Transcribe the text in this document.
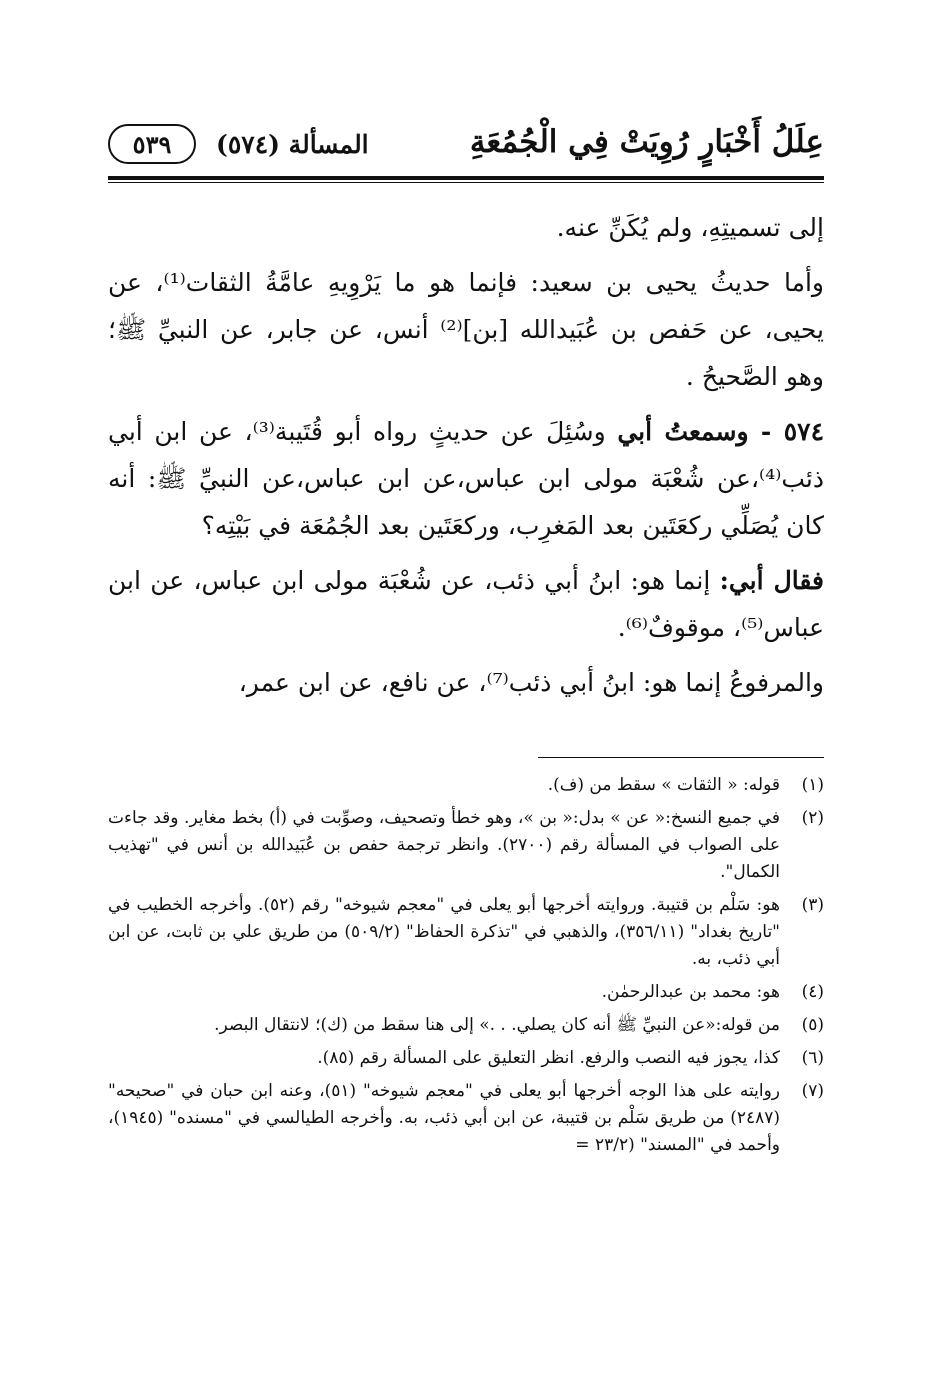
عِلَلُ أَخْبَارٍ رُوِيَتْ فِي الْجُمُعَةِ
المسألة (٥٧٤)
٥٣٩

إلى تسميتِهِ، ولم يُكَنِّ عنه.

وأما حديثُ يحيى بن سعيد: فإنما هو ما يَرْوِيهِ عامَّةُ الثقات⁽¹⁾، عن يحيى، عن حَفص بن عُبَيدالله [بن]⁽²⁾ أنس، عن جابر، عن النبيِّ ﷺ؛ وهو الصَّحيحُ .

٥٧٤ - وسمعتُ أبي وسُئِلَ عن حديثٍ رواه أبو قُتَيبة⁽³⁾، عن ابن أبي ذئب⁽⁴⁾،عن شُعْبَة مولى ابن عباس،عن ابن عباس،عن النبيِّ ﷺ: أنه كان يُصَلِّي ركعَتَين بعد المَغرِب، وركعَتَين بعد الجُمُعَة في بَيْتِه؟

فقال أبي: إنما هو: ابنُ أبي ذئب، عن شُعْبَة مولى ابن عباس، عن ابن عباس⁽⁵⁾، موقوفٌ⁽⁶⁾.

والمرفوعُ إنما هو: ابنُ أبي ذئب⁽⁷⁾، عن نافع، عن ابن عمر،

(١)
قوله: « الثقات » سقط من (ف).
(٢)
في جميع النسخ:« عن » بدل:« بن »، وهو خطأ وتصحيف، وصوِّبت في (أ) بخط مغاير. وقد جاءت على الصواب في المسألة رقم (٢٧٠٠). وانظر ترجمة حفص بن عُبَيدالله بن أنس في "تهذيب الكمال".
(٣)
هو: سَلْم بن قتيبة. وروايته أخرجها أبو يعلى في "معجم شيوخه" رقم (٥٢). وأخرجه الخطيب في "تاريخ بغداد" (٣٥٦/١١)، والذهبي في "تذكرة الحفاظ" (٥٠٩/٢) من طريق علي بن ثابت، عن ابن أبي ذئب، به.
(٤)
هو: محمد بن عبدالرحمٰن.
(٥)
من قوله:«عن النبيِّ ﷺ أنه كان يصلي. . .» إلى هنا سقط من (ك)؛ لانتقال البصر.
(٦)
كذا، يجوز فيه النصب والرفع. انظر التعليق على المسألة رقم (٨٥).
(٧)
روايته على هذا الوجه أخرجها أبو يعلى في "معجم شيوخه" (٥١)، وعنه ابن حبان في "صحيحه" (٢٤٨٧) من طريق سَلْم بن قتيبة، عن ابن أبي ذئب، به. وأخرجه الطيالسي في "مسنده" (١٩٤٥)، وأحمد في "المسند" (٢٣/٢ =
